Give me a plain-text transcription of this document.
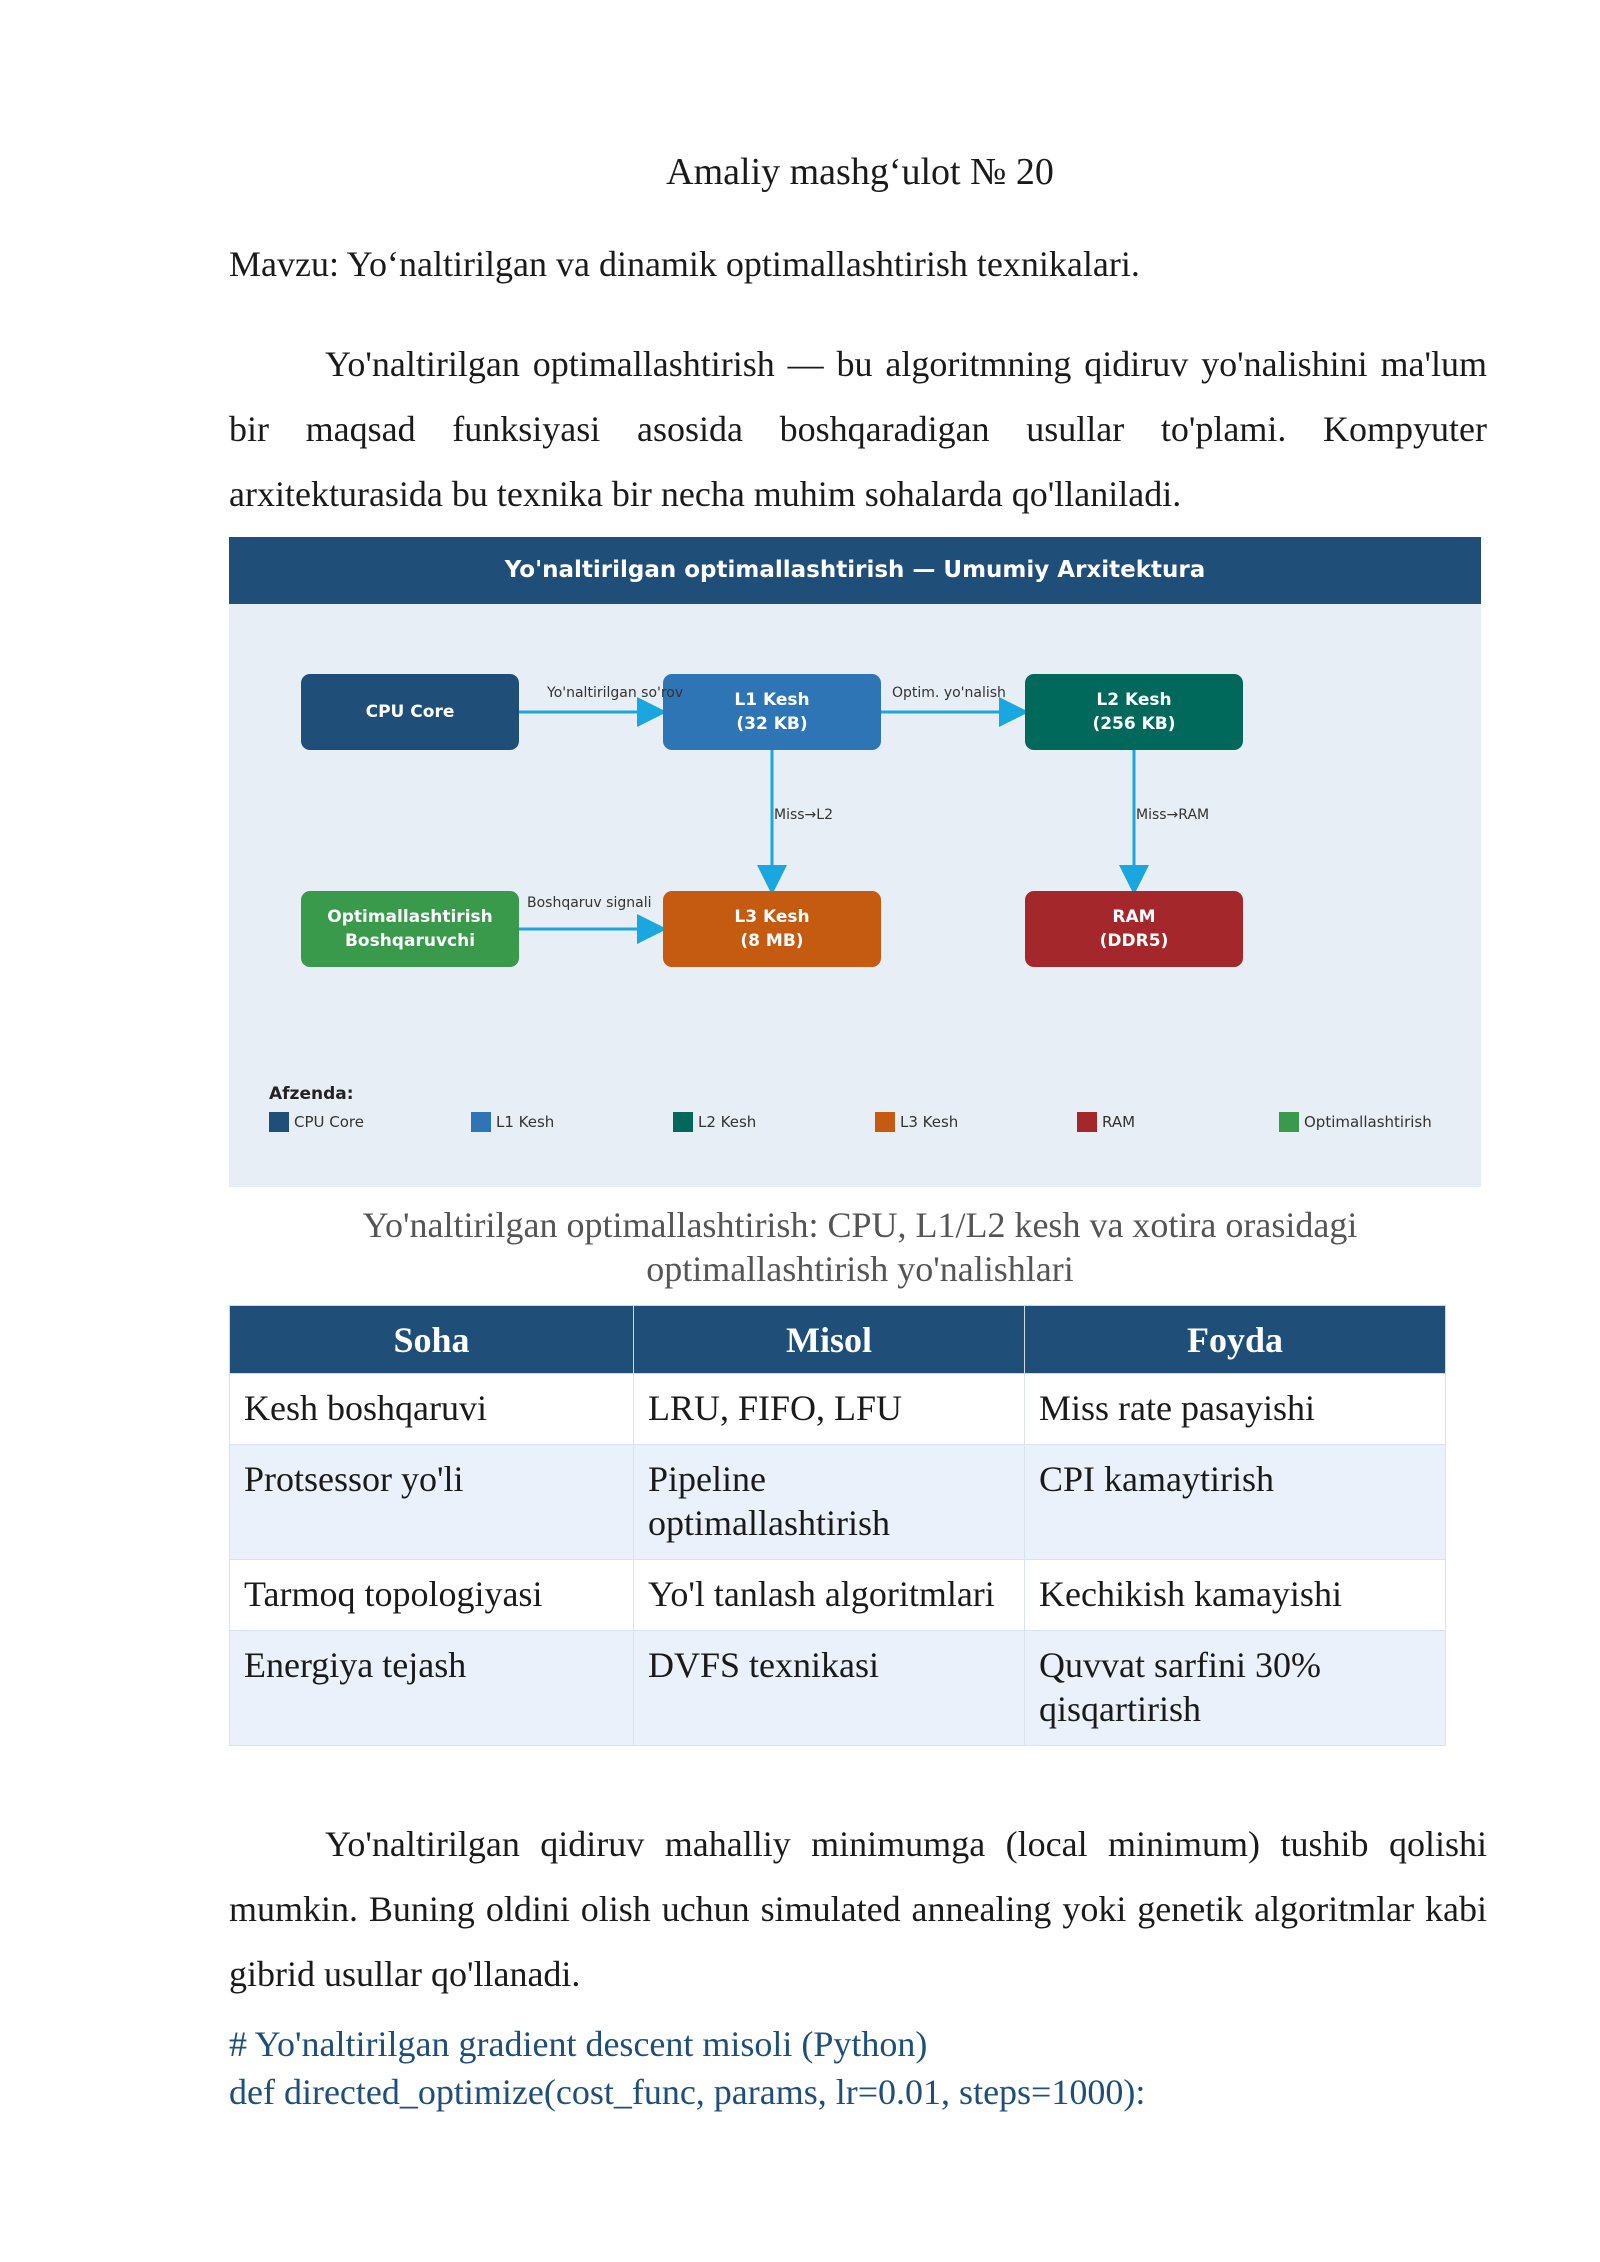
Amaliy mashg‘ulot № 20
Mavzu: Yo‘naltirilgan va dinamik optimallashtirish texnikalari.
Yo'naltirilgan optimallashtirish — bu algoritmning qidiruv yo'nalishini ma'lum bir maqsad funksiyasi asosida boshqaradigan usullar to'plami. Kompyuter arxitekturasida bu texnika bir necha muhim sohalarda qo'llaniladi.
Yo'naltirilgan optimallashtirish — Umumiy Arxitektura
CPU Core
L1 Kesh
(32 KB)
L2 Kesh
(256 KB)
Optimallashtirish
Boshqaruvchi
L3 Kesh
(8 MB)
RAM
(DDR5)
Yo'naltirilgan so'rov	Optim. yo'nalish
Miss→L2	Miss→RAM
Boshqaruv signali
Afzenda:
CPU Core	L1 Kesh	L2 Kesh	L3 Kesh	RAM	Optimallashtirish
Yo'naltirilgan optimallashtirish: CPU, L1/L2 kesh va xotira orasidagi
optimallashtirish yo'nalishlari
Soha	Misol	Foyda
Kesh boshqaruvi	LRU, FIFO, LFU	Miss rate pasayishi
Protsessor yo'li	Pipeline optimallashtirish	CPI kamaytirish
Tarmoq topologiyasi	Yo'l tanlash algoritmlari	Kechikish kamayishi
Energiya tejash	DVFS texnikasi	Quvvat sarfini 30% qisqartirish
Yo'naltirilgan qidiruv mahalliy minimumga (local minimum) tushib qolishi mumkin. Buning oldini olish uchun simulated annealing yoki genetik algoritmlar kabi gibrid usullar qo'llanadi.
# Yo'naltirilgan gradient descent misoli (Python)
def directed_optimize(cost_func, params, lr=0.01, steps=1000):
